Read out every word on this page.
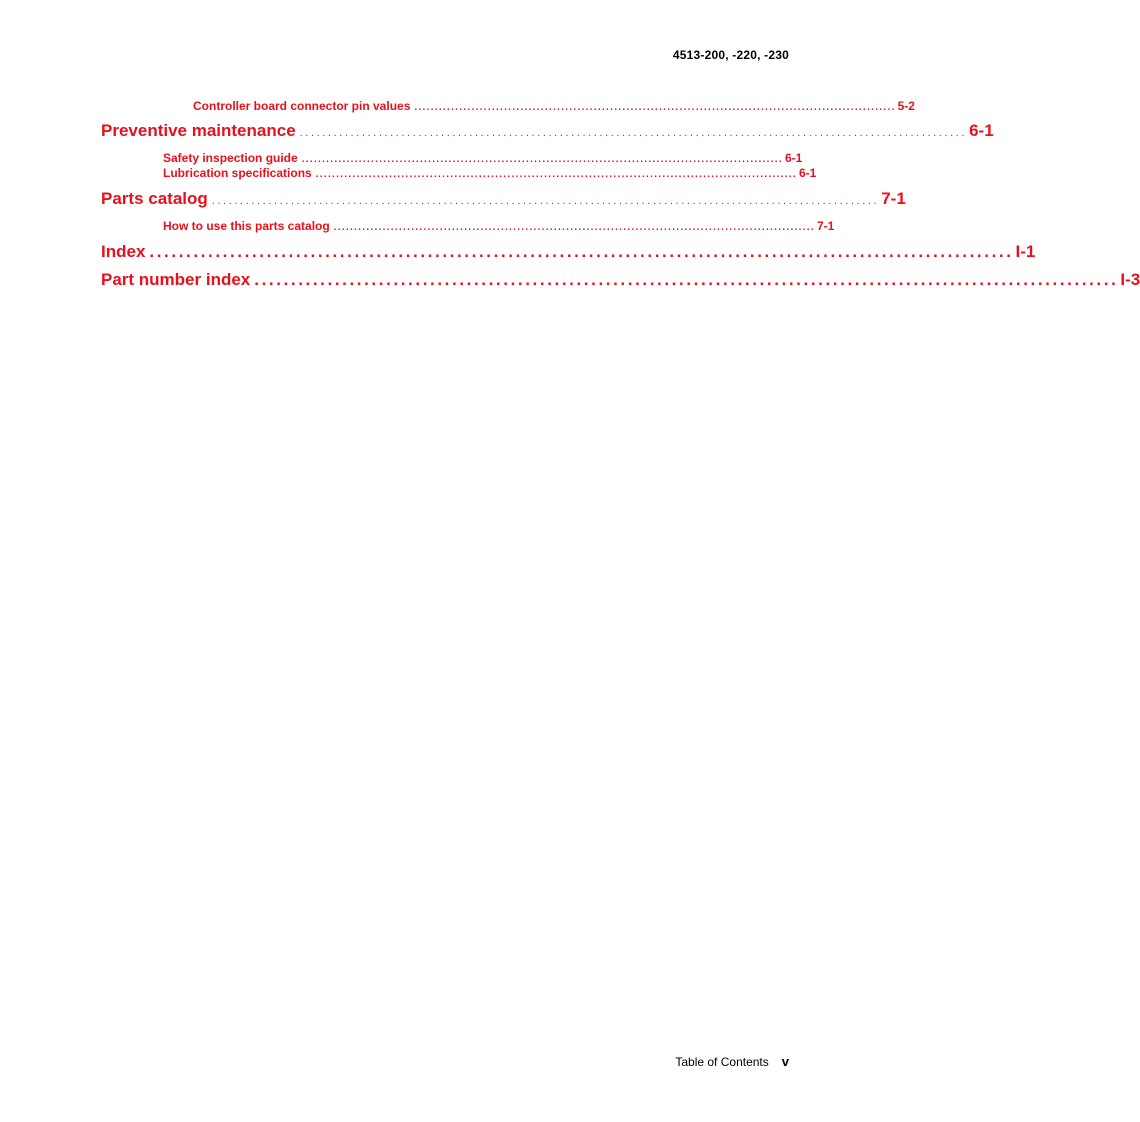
4513-200, -220, -230
Controller board connector pin values ...................................................................................................................... 5-2
Preventive maintenance ...................................................................................................................... 6-1
Safety inspection guide ...................................................................................................................... 6-1
Lubrication specifications ...................................................................................................................... 6-1
Parts catalog ...................................................................................................................... 7-1
How to use this parts catalog ...................................................................................................................... 7-1
Index ...................................................................................................................... I-1
Part number index ...................................................................................................................... I-3
Table of Contents v
